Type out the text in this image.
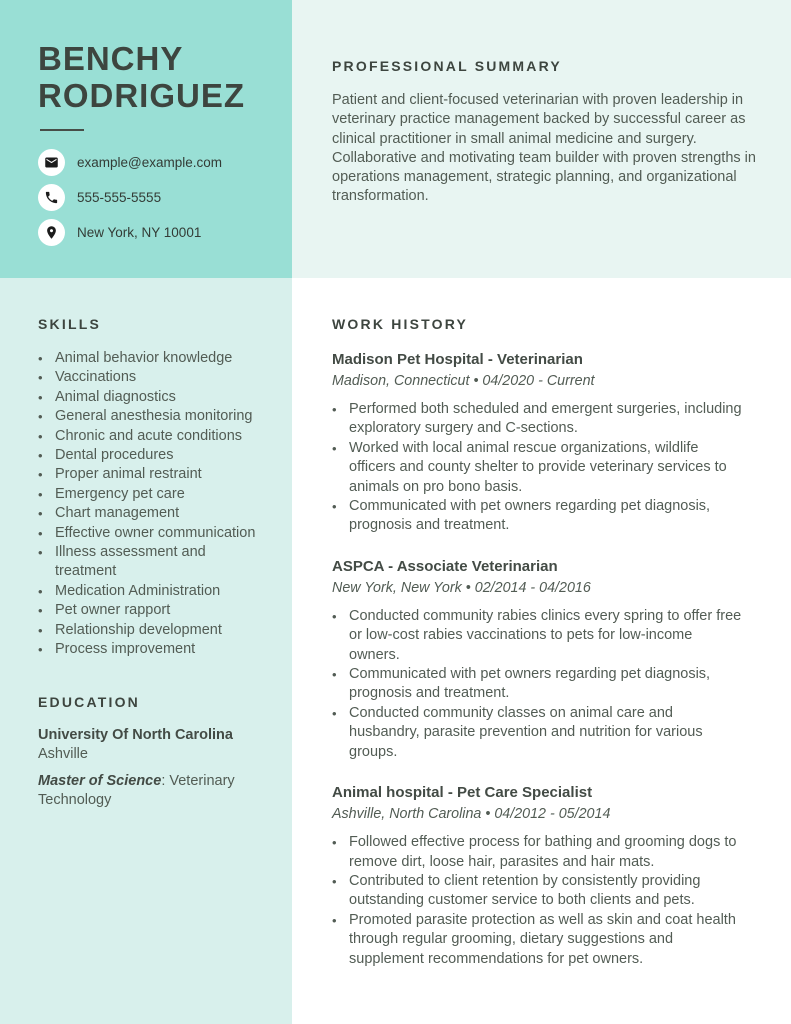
BENCHY
RODRIGUEZ
example@example.com
555-555-5555
New York, NY 10001
SKILLS
• Animal behavior knowledge
• Vaccinations
• Animal diagnostics
• General anesthesia monitoring
• Chronic and acute conditions
• Dental procedures
• Proper animal restraint
• Emergency pet care
• Chart management
• Effective owner communication
• Illness assessment and treatment
• Medication Administration
• Pet owner rapport
• Relationship development
• Process improvement
EDUCATION

University Of North Carolina
Ashville

Master of Science: Veterinary Technology

PROFESSIONAL SUMMARY

Patient and client-focused veterinarian with proven leadership in veterinary practice management backed by successful career as clinical practitioner in small animal medicine and surgery. Collaborative and motivating team builder with proven strengths in operations management, strategic planning, and organizational transformation.

WORK HISTORY
Madison Pet Hospital - Veterinarian
Madison, Connecticut • 04/2020 - Current
• Performed both scheduled and emergent surgeries, including exploratory surgery and C-sections.
• Worked with local animal rescue organizations, wildlife officers and county shelter to provide veterinary services to animals on pro bono basis.
• Communicated with pet owners regarding pet diagnosis, prognosis and treatment.
ASPCA - Associate Veterinarian
New York, New York • 02/2014 - 04/2016
• Conducted community rabies clinics every spring to offer free or low-cost rabies vaccinations to pets for low-income owners.
• Communicated with pet owners regarding pet diagnosis, prognosis and treatment.
• Conducted community classes on animal care and husbandry, parasite prevention and nutrition for various groups.
Animal hospital - Pet Care Specialist
Ashville, North Carolina • 04/2012 - 05/2014
• Followed effective process for bathing and grooming dogs to remove dirt, loose hair, parasites and hair mats.
• Contributed to client retention by consistently providing outstanding customer service to both clients and pets.
• Promoted parasite protection as well as skin and coat health through regular grooming, dietary suggestions and supplement recommendations for pet owners.
